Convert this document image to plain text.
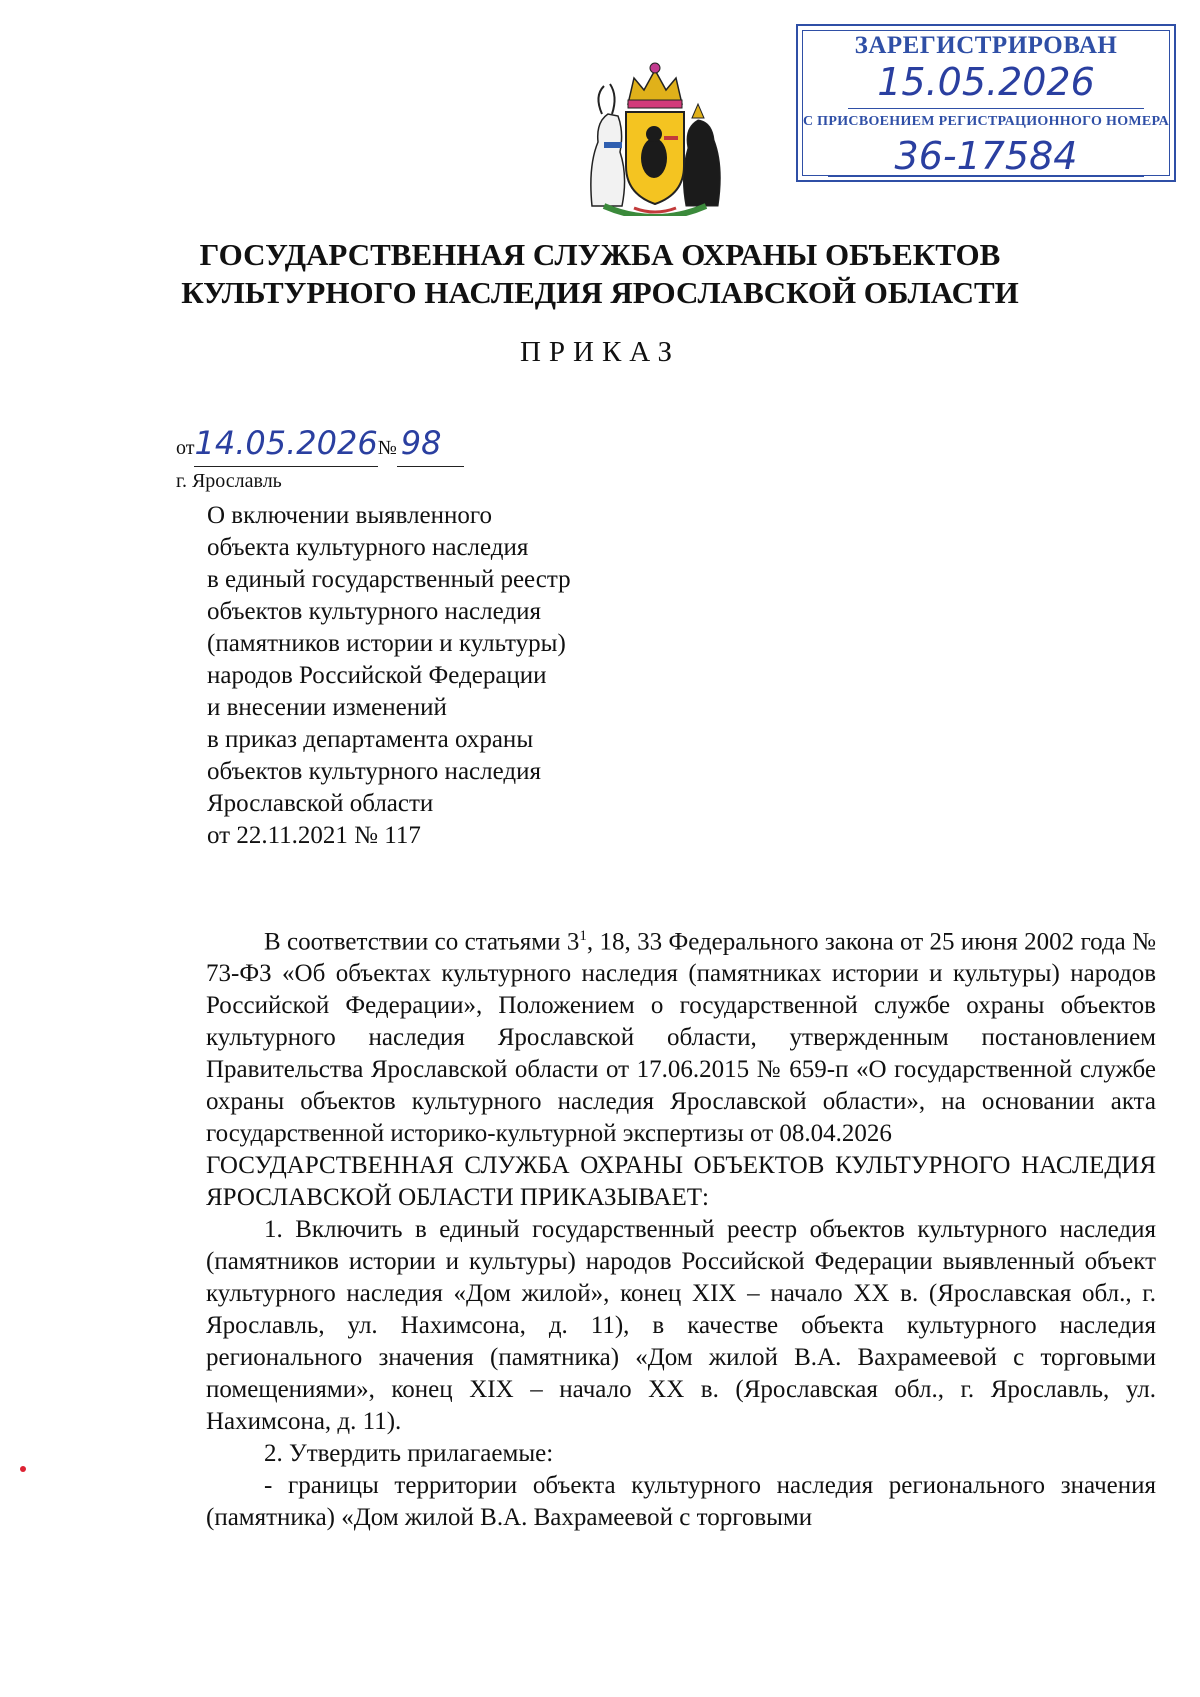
ЗАРЕГИСТРИРОВАН
15.05.2026
С ПРИСВОЕНИЕМ РЕГИСТРАЦИОННОГО НОМЕРА
36-17584
ГОСУДАРСТВЕННАЯ СЛУЖБА ОХРАНЫ ОБЪЕКТОВ
КУЛЬТУРНОГО НАСЛЕДИЯ ЯРОСЛАВСКОЙ ОБЛАСТИ
ПРИКАЗ
от14.05.2026№ 98
г. Ярославль
О включении выявленного
объекта культурного наследия
в единый государственный реестр
объектов культурного наследия
(памятников истории и культуры)
народов Российской Федерации
и внесении изменений
в приказ департамента охраны
объектов культурного наследия
Ярославской области
от 22.11.2021 № 117

В соответствии со статьями $3^1$, 18, 33 Федерального закона от 25 июня 2002 года № 73-ФЗ «Об объектах культурного наследия (памятниках истории и культуры) народов Российской Федерации», Положением о государственной службе охраны объектов культурного наследия Ярославской области, утвержденным постановлением Правительства Ярославской области от 17.06.2015 № 659-п «О государственной службе охраны объектов культурного наследия Ярославской области», на основании акта государственной историко-культурной экспертизы от 08.04.2026

ГОСУДАРСТВЕННАЯ СЛУЖБА ОХРАНЫ ОБЪЕКТОВ КУЛЬТУРНОГО НАСЛЕДИЯ ЯРОСЛАВСКОЙ ОБЛАСТИ ПРИКАЗЫВАЕТ:

1. Включить в единый государственный реестр объектов культурного наследия (памятников истории и культуры) народов Российской Федерации выявленный объект культурного наследия «Дом жилой», конец XIX – начало XX в. (Ярославская обл., г. Ярославль, ул. Нахимсона, д. 11), в качестве объекта культурного наследия регионального значения (памятника) «Дом жилой В.А. Вахрамеевой с торговыми помещениями», конец XIX – начало XX в. (Ярославская обл., г. Ярославль, ул. Нахимсона, д. 11).

2. Утвердить прилагаемые:

- границы территории объекта культурного наследия регионального значения (памятника) «Дом жилой В.А. Вахрамеевой с торговыми
